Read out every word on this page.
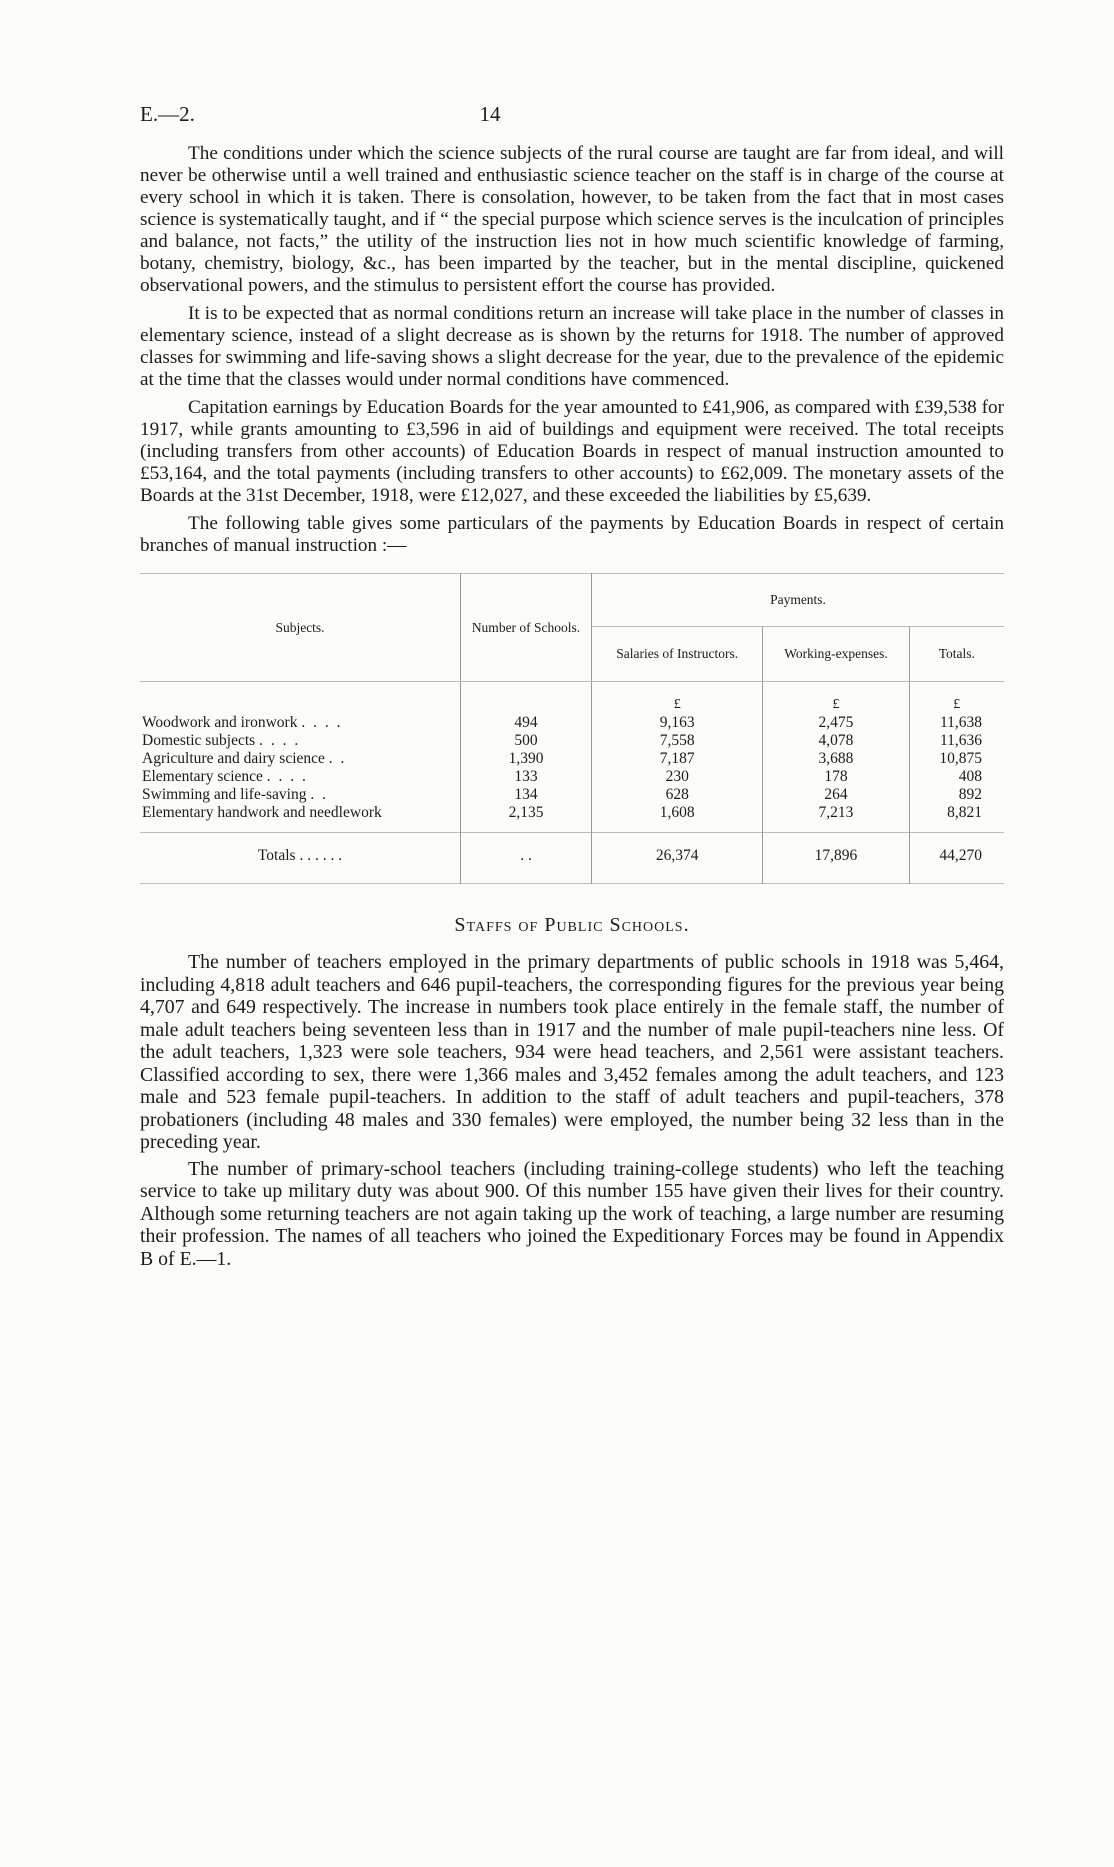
E.—2.	14

The conditions under which the science subjects of the rural course are taught are far from ideal, and will never be otherwise until a well trained and enthusiastic science teacher on the staff is in charge of the course at every school in which it is taken. There is consolation, however, to be taken from the fact that in most cases science is systematically taught, and if “ the special purpose which science serves is the inculcation of principles and balance, not facts,” the utility of the instruction lies not in how much scientific knowledge of farming, botany, chemistry, biology, &c., has been imparted by the teacher, but in the mental discipline, quickened observational powers, and the stimulus to persistent effort the course has provided.

It is to be expected that as normal conditions return an increase will take place in the number of classes in elementary science, instead of a slight decrease as is shown by the returns for 1918. The number of approved classes for swimming and life-saving shows a slight decrease for the year, due to the prevalence of the epidemic at the time that the classes would under normal conditions have commenced.

Capitation earnings by Education Boards for the year amounted to £41,906, as compared with £39,538 for 1917, while grants amounting to £3,596 in aid of buildings and equipment were received. The total receipts (including transfers from other accounts) of Education Boards in respect of manual instruction amounted to £53,164, and the total payments (including transfers to other accounts) to £62,009. The monetary assets of the Boards at the 31st December, 1918, were £12,027, and these exceeded the liabilities by £5,639.

The following table gives some particulars of the payments by Education Boards in respect of certain branches of manual instruction :—

Subjects.	Number of Schools.	Payments.		
		Salaries of Instructors.	Working-expenses.	Totals.
		£	£	£
Woodwork and ironwork . . . .	494	9,163	2,475	11,638
Domestic subjects . . . .	500	7,558	4,078	11,636
Agriculture and dairy science . .	1,390	7,187	3,688	10,875
Elementary science . . . .	133	230	178	408
Swimming and life-saving . .	134	628	264	892
Elementary handwork and needlework	2,135	1,608	7,213	8,821
Totals . . . . . .	. .	26,374	17,896	44,270
Staffs of Public Schools.

The number of teachers employed in the primary departments of public schools in 1918 was 5,464, including 4,818 adult teachers and 646 pupil-teachers, the corresponding figures for the previous year being 4,707 and 649 respectively. The increase in numbers took place entirely in the female staff, the number of male adult teachers being seventeen less than in 1917 and the number of male pupil-teachers nine less. Of the adult teachers, 1,323 were sole teachers, 934 were head teachers, and 2,561 were assistant teachers. Classified according to sex, there were 1,366 males and 3,452 females among the adult teachers, and 123 male and 523 female pupil-teachers. In addition to the staff of adult teachers and pupil-teachers, 378 probationers (including 48 males and 330 females) were employed, the number being 32 less than in the preceding year.

The number of primary-school teachers (including training-college students) who left the teaching service to take up military duty was about 900. Of this number 155 have given their lives for their country. Although some returning teachers are not again taking up the work of teaching, a large number are resuming their profession. The names of all teachers who joined the Expeditionary Forces may be found in Appendix B of E.—1.
